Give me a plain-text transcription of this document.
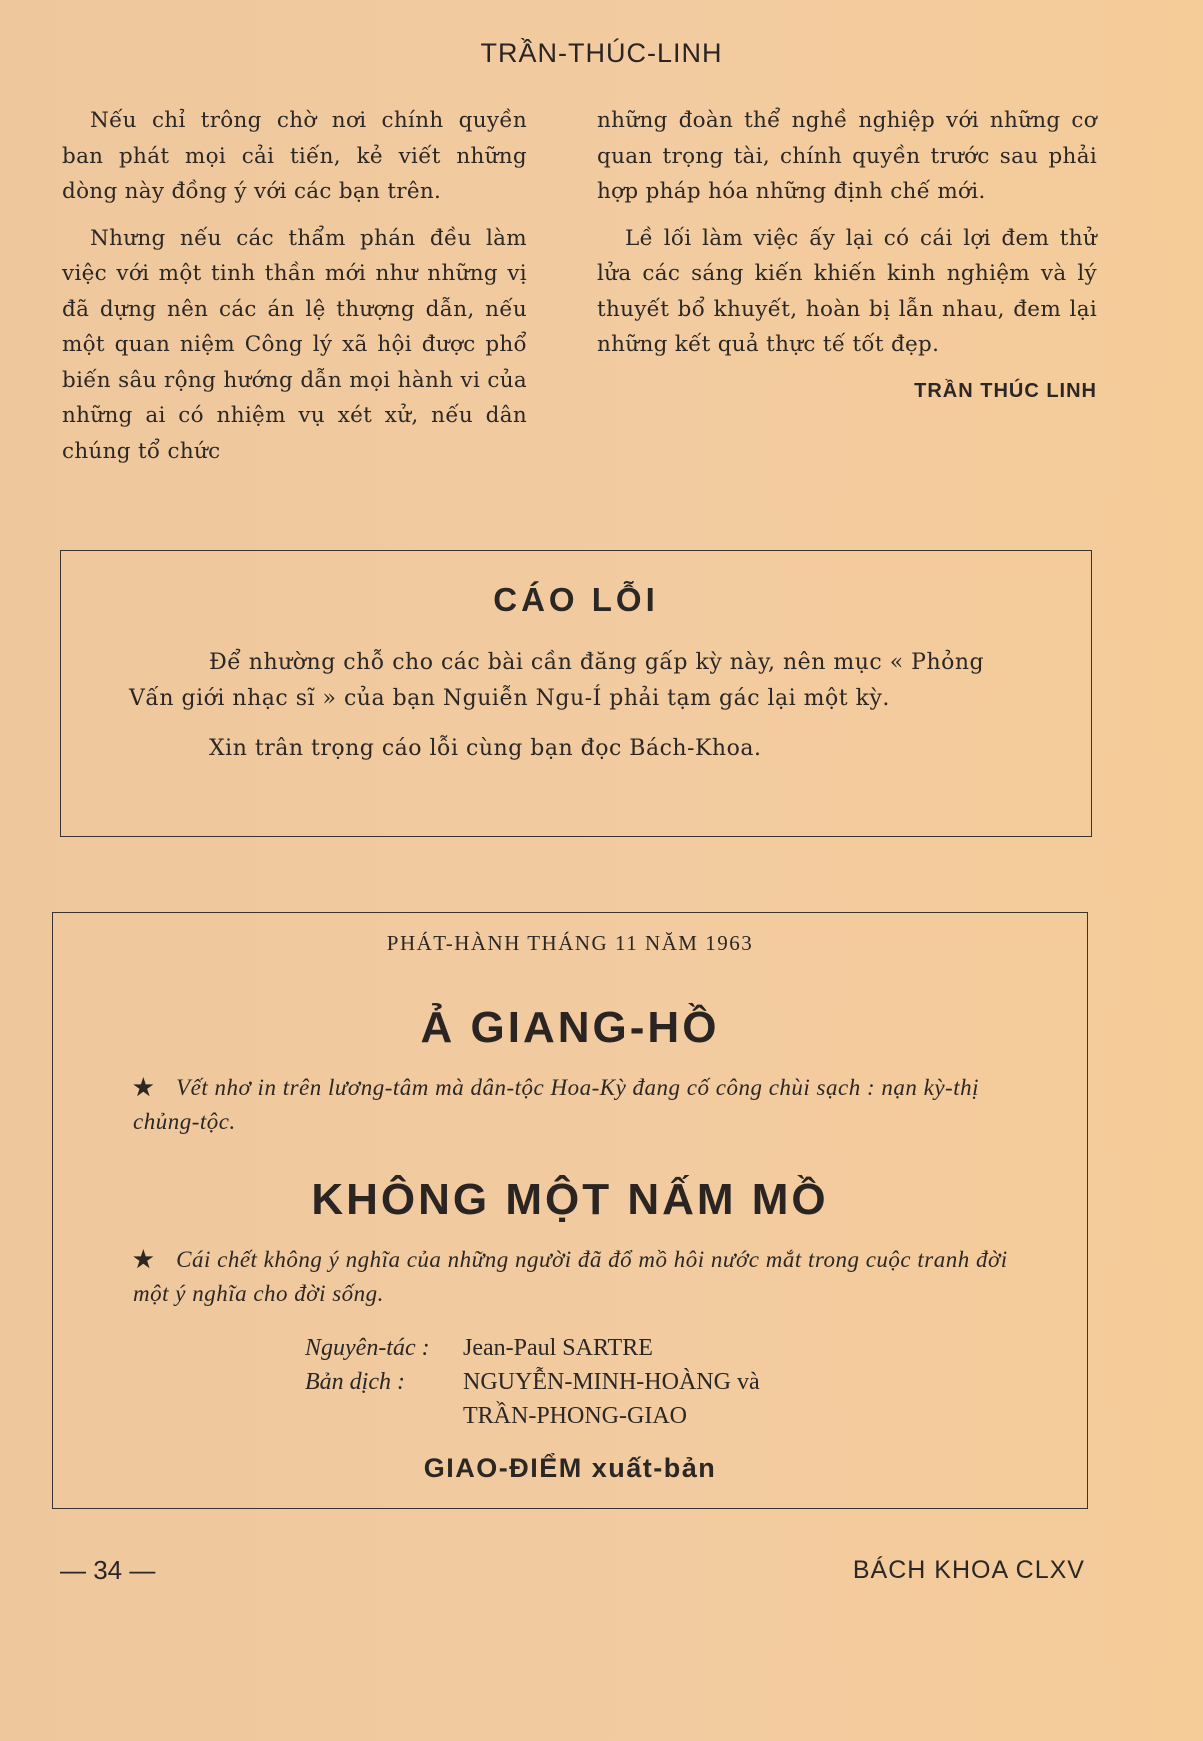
TRẦN-THÚC-LINH

Nếu chỉ trông chờ nơi chính quyền ban phát mọi cải tiến, kẻ viết những dòng này đồng ý với các bạn trên.

Nhưng nếu các thẩm phán đều làm việc với một tinh thần mới như những vị đã dựng nên các án lệ thượng dẫn, nếu một quan niệm Công lý xã hội được phổ biến sâu rộng hướng dẫn mọi hành vi của những ai có nhiệm vụ xét xử, nếu dân chúng tổ chức

những đoàn thể nghề nghiệp với những cơ quan trọng tài, chính quyền trước sau phải hợp pháp hóa những định chế mới.

Lề lối làm việc ấy lại có cái lợi đem thử lửa các sáng kiến khiến kinh nghiệm và lý thuyết bổ khuyết, hoàn bị lẫn nhau, đem lại những kết quả thực tế tốt đẹp.

TRẦN THÚC LINH
CÁO LỖI

Để nhường chỗ cho các bài cần đăng gấp kỳ này, nên mục « Phỏng Vấn giới nhạc sĩ » của bạn Nguiễn Ngu-Í phải tạm gác lại một kỳ.

Xin trân trọng cáo lỗi cùng bạn đọc Bách-Khoa.

PHÁT-HÀNH THÁNG 11 NĂM 1963
Ả GIANG-HỒ
★ Vết nhơ in trên lương-tâm mà dân-tộc Hoa-Kỳ đang cố công chùi sạch : nạn kỳ-thị chủng-tộc.
KHÔNG MỘT NẤM MỒ
★ Cái chết không ý nghĩa của những người đã đổ mồ hôi nước mắt trong cuộc tranh đời một ý nghĩa cho đời sống.
Nguyên-tác : Jean-Paul SARTRE
Bản dịch : NGUYỄN-MINH-HOÀNG và
TRẦN-PHONG-GIAO
GIAO-ĐIỂM xuất-bản
— 34 —	BÁCH KHOA CLXV
